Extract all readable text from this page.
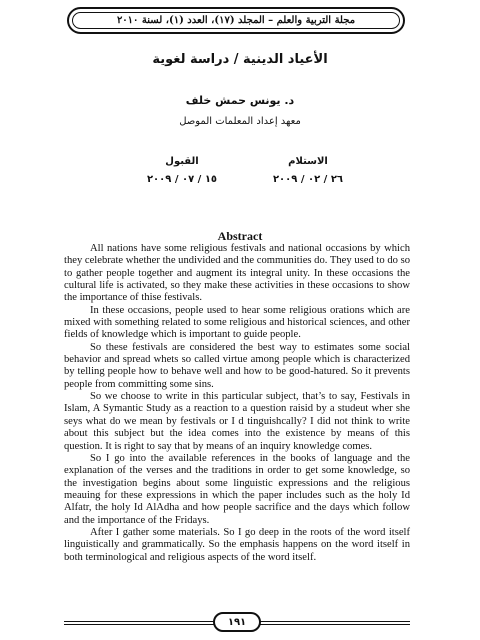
مجلة التربية والعلم – المجلد (١٧)، العدد (١)، لسنة ٢٠١٠
الأعياد الدينية / دراسة لغوية
د. يونس حمش خلف
معهد إعداد المعلمات الموصل
الاستلام
٢٦ / ٠٢ / ٢٠٠٩
القبول
١٥ / ٠٧ / ٢٠٠٩
Abstract

All nations have some religious festivals and national occasions by which they celebrate whether the undivided and the communities do. They used to do so to gather people together and augment its integral unity. In these occasions the cultural life is activated, so they make these activities in these occasions to show the importance of thise festivals.

In these occasions, people used to hear some religious orations which are mixed with something related to some religious and historical sciences, and other fields of knowledge which is important to guide people.

So these festivals are considered the best way to estimates some social behavior and spread whets so called virtue among people which is characterized by telling people how to behave well and how to be good-hatured. So it prevents people from committing some sins.

So we choose to write in this particular subject, that’s to say, Festivals in Islam, A Symantic Study as a reaction to a question raisid by a studeut wher she seys what do we mean by festivals or I d tinguishcally? I did not think to write about this subject but the idea comes into the existence by means of this question. It is right to say that by means of an inquiry knowledge comes.

So I go into the available references in the books of language and the explanation of the verses and the traditions in order to get some knowledge, so the investigation begins about some linguistic expressions and the religious meauing for these expressions in which the paper includes such as the holy Id Alfatr, the holy Id AlAdha and how people sacrifice and the days which follow and the importance of the Fridays.

After I gather some materials. So I go deep in the roots of the word itself linguistically and grammatically. So the emphasis happens on the word itself in both terminological and religious aspects of the word itself.

١٩١
